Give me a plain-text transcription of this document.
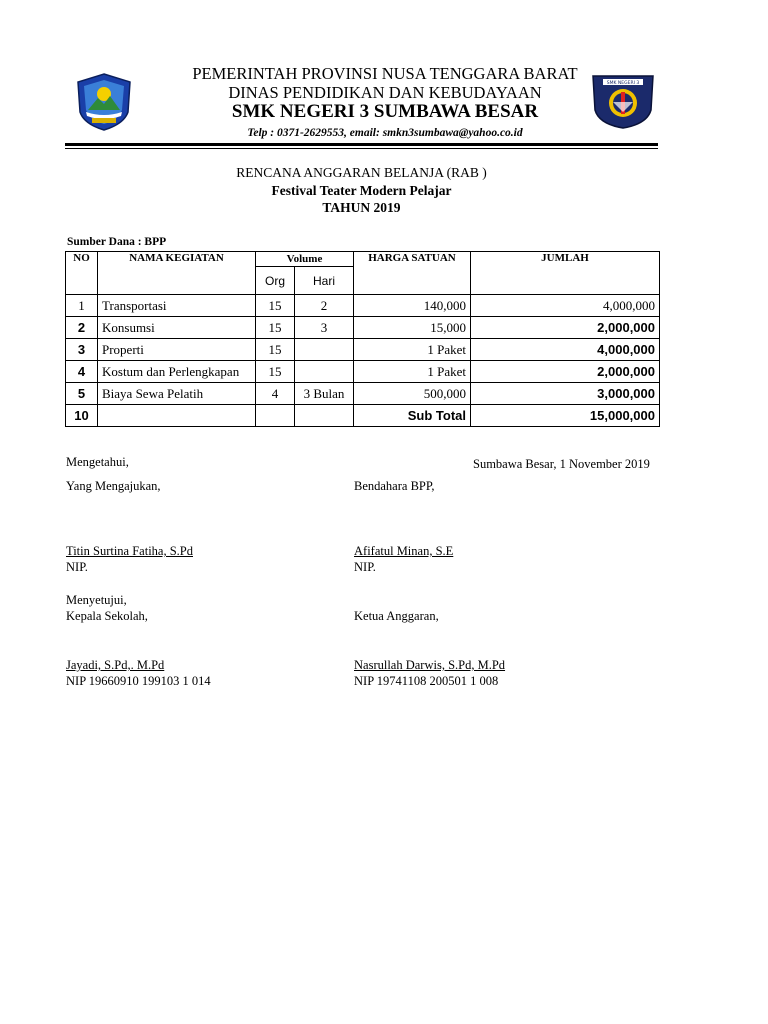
SMK NEGERI 3
PEMERINTAH PROVINSI NUSA TENGGARA BARAT
DINAS PENDIDIKAN DAN KEBUDAYAAN
SMK NEGERI 3 SUMBAWA BESAR
Telp : 0371-2629553, email: smkn3sumbawa@yahoo.co.id
RENCANA ANGGARAN BELANJA (RAB )
Festival Teater Modern Pelajar
TAHUN 2019
Sumber Dana : BPP
NO	NAMA KEGIATAN	Volume		HARGA SATUAN	JUMLAH
		Org	Hari		
1	Transportasi	15	2	140,000	4,000,000
2	Konsumsi	15	3	15,000	2,000,000
3	Properti	15		1 Paket	4,000,000
4	Kostum dan Perlengkapan	15		1 Paket	2,000,000
5	Biaya Sewa Pelatih	4	3 Bulan	500,000	3,000,000
10				Sub Total	15,000,000
Mengetahui,	Sumbawa Besar, 1 November 2019
Yang Mengajukan,	Bendahara BPP,
Titin Surtina Fatiha, S.Pd
NIP.
Afifatul Minan, S.E
NIP.
Menyetujui,
Kepala Sekolah,	Ketua Anggaran,
Jayadi, S.Pd,. M.Pd
NIP 19660910 199103 1 014
Nasrullah Darwis, S.Pd, M.Pd
NIP 19741108 200501 1 008
